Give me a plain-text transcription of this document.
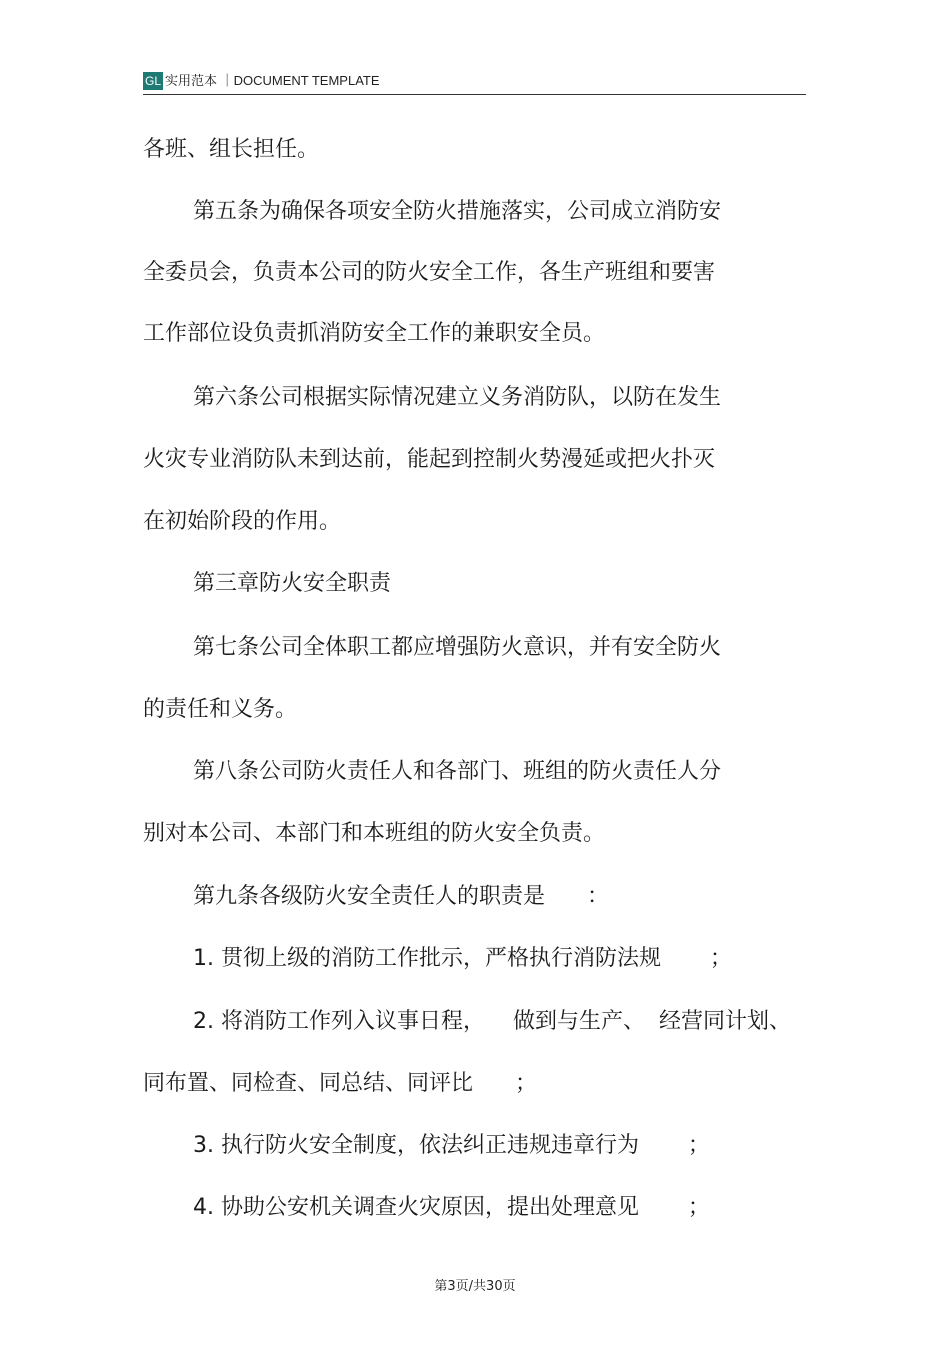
GL 实用范本 ｜DOCUMENT TEMPLATE
各班、组长担任。
第五条为确保各项安全防火措施落实，公司成立消防安
全委员会，负责本公司的防火安全工作，各生产班组和要害
工作部位设负责抓消防安全工作的兼职安全员。
第六条公司根据实际情况建立义务消防队，以防在发生
火灾专业消防队未到达前，能起到控制火势漫延或把火扑灭
在初始阶段的作用。
第三章防火安全职责
第七条公司全体职工都应增强防火意识，并有安全防火
的责任和义务。
第八条公司防火责任人和各部门、班组的防火责任人分
别对本公司、本部门和本班组的防火安全负责。
第九条各级防火安全责任人的职责是      ：
1. 贯彻上级的消防工作批示，严格执行消防法规       ；
2. 将消防工作列入议事日程，    做到与生产、  经营同计划、
同布置、同检查、同总结、同评比      ；
3. 执行防火安全制度，依法纠正违规违章行为       ；
4. 协助公安机关调查火灾原因，提出处理意见       ；
第3页/共30页
